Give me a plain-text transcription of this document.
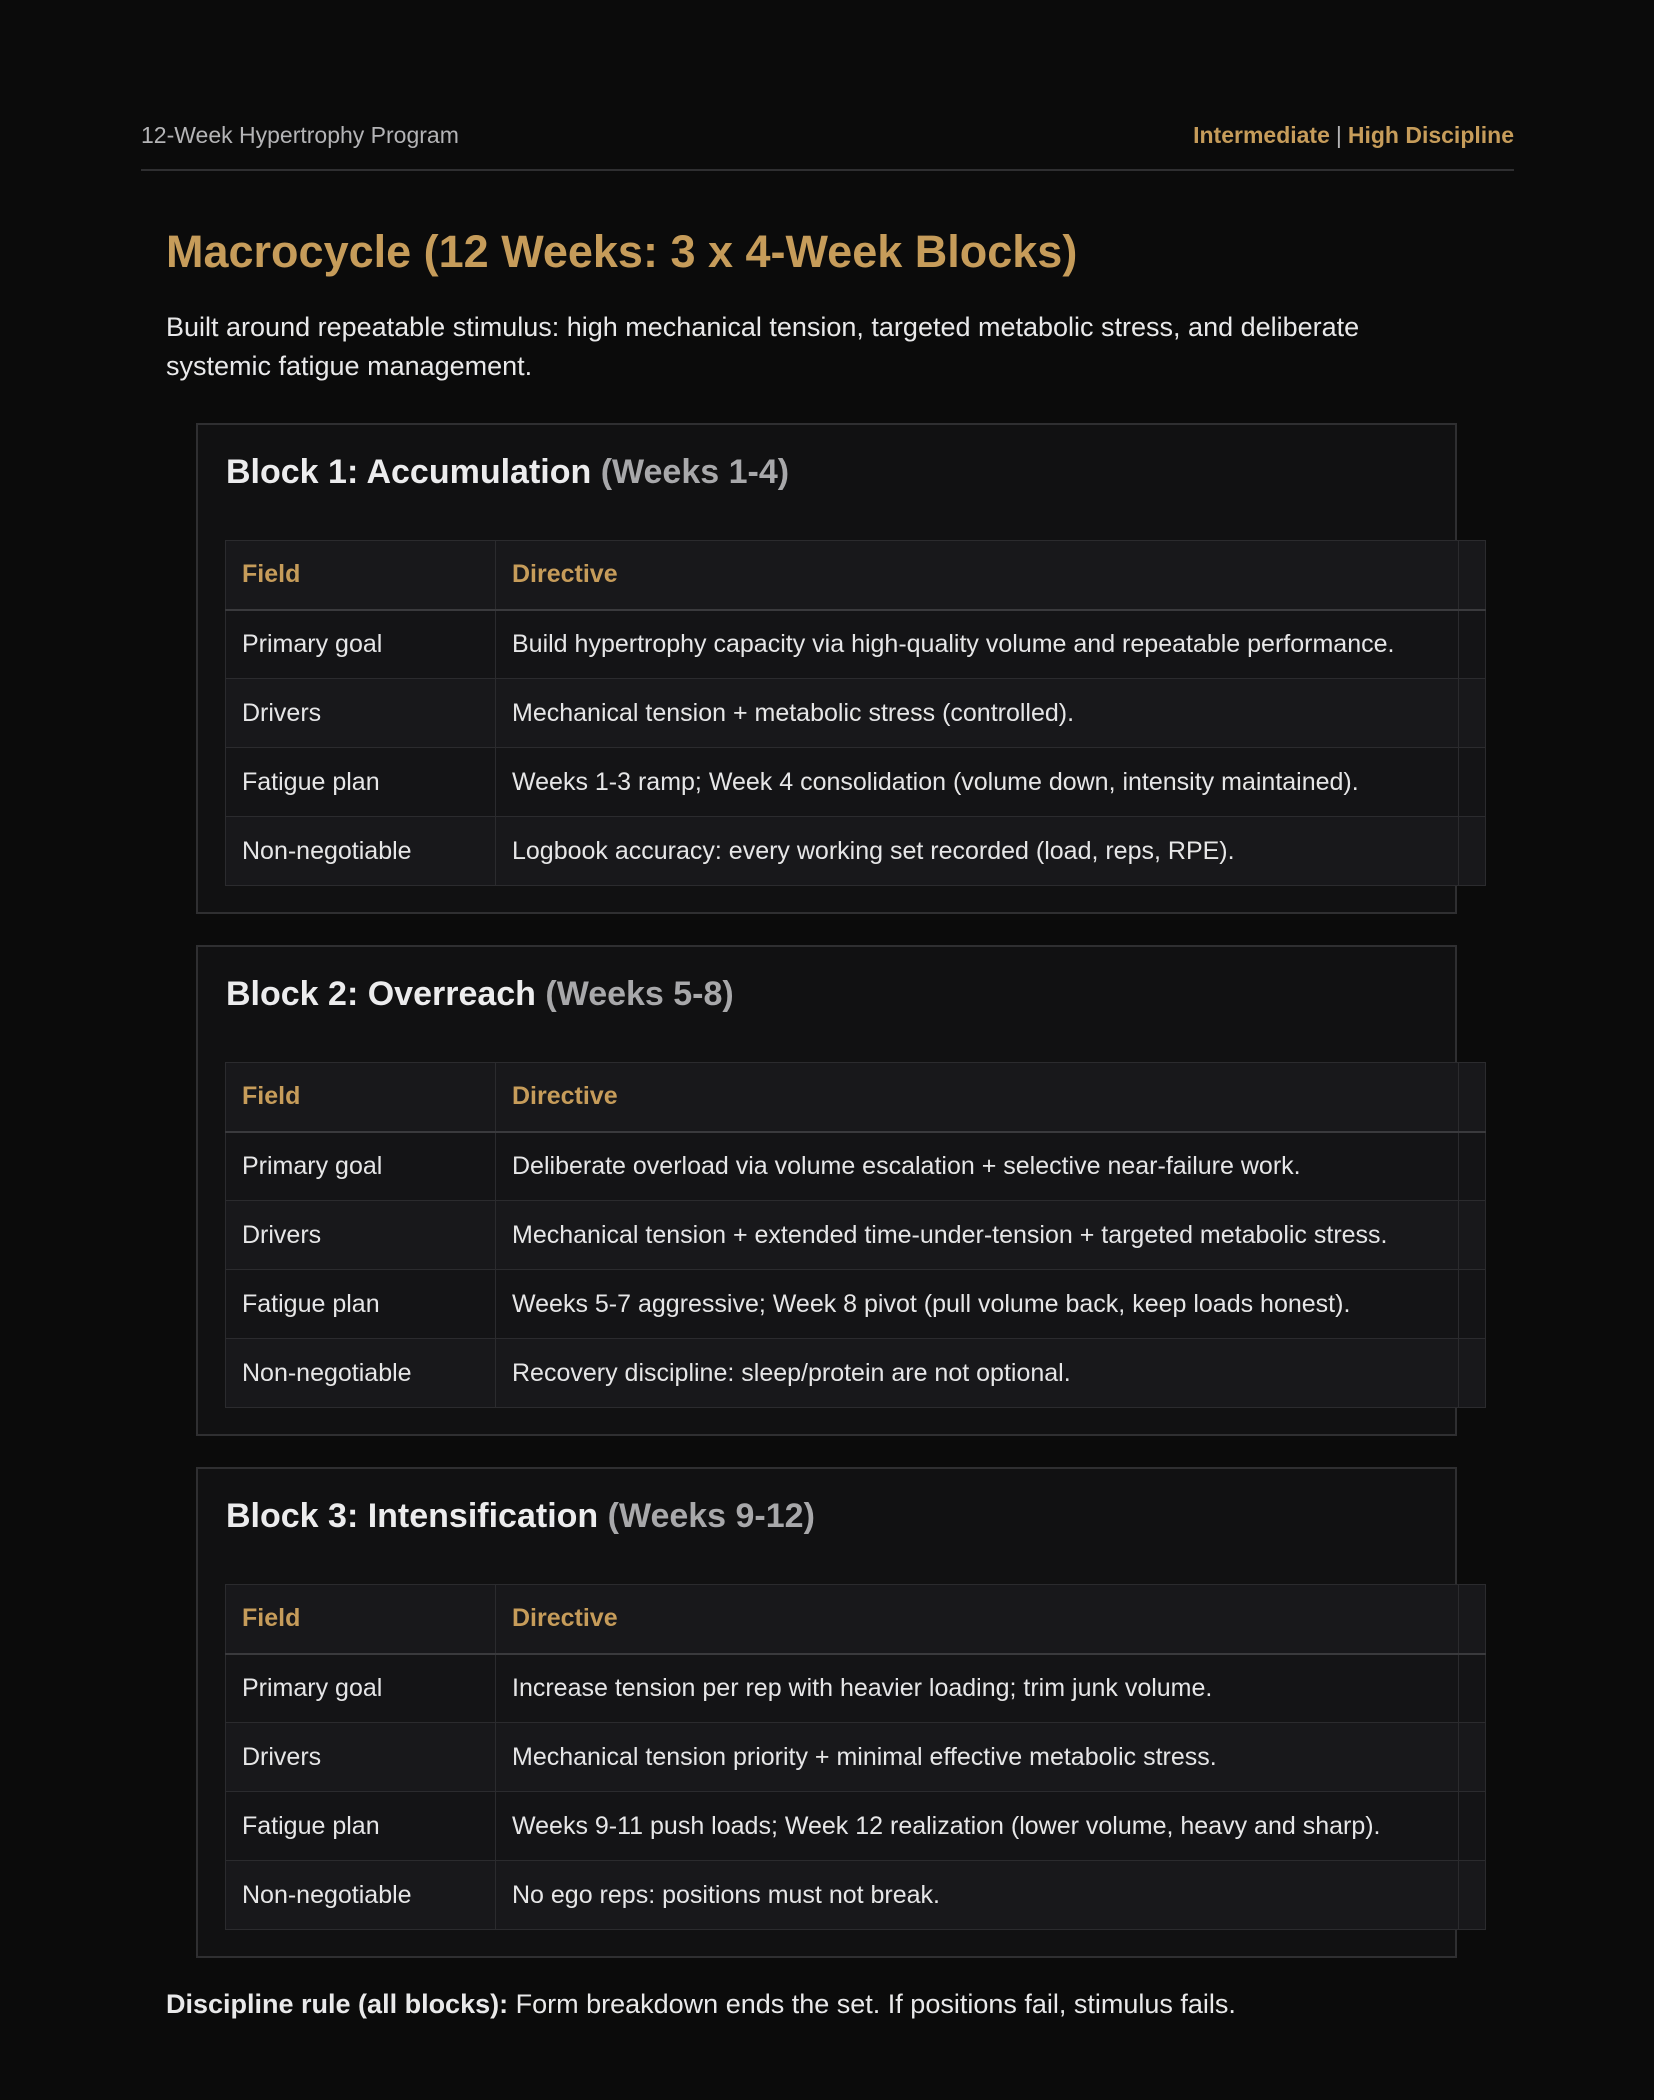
12-Week Hypertrophy Program	Intermediate | High Discipline
Macrocycle (12 Weeks: 3 x 4-Week Blocks)

Built around repeatable stimulus: high mechanical tension, targeted metabolic stress, and deliberate systemic fatigue management.

Block 1: Accumulation (Weeks 1-4)
Field	Directive	
Primary goal	Build hypertrophy capacity via high-quality volume and repeatable performance.	
Drivers	Mechanical tension + metabolic stress (controlled).	
Fatigue plan	Weeks 1-3 ramp; Week 4 consolidation (volume down, intensity maintained).	
Non-negotiable	Logbook accuracy: every working set recorded (load, reps, RPE).	
Block 2: Overreach (Weeks 5-8)
Field	Directive	
Primary goal	Deliberate overload via volume escalation + selective near-failure work.	
Drivers	Mechanical tension + extended time-under-tension + targeted metabolic stress.	
Fatigue plan	Weeks 5-7 aggressive; Week 8 pivot (pull volume back, keep loads honest).	
Non-negotiable	Recovery discipline: sleep/protein are not optional.	
Block 3: Intensification (Weeks 9-12)
Field	Directive	
Primary goal	Increase tension per rep with heavier loading; trim junk volume.	
Drivers	Mechanical tension priority + minimal effective metabolic stress.	
Fatigue plan	Weeks 9-11 push loads; Week 12 realization (lower volume, heavy and sharp).	
Non-negotiable	No ego reps: positions must not break.	

Discipline rule (all blocks): Form breakdown ends the set. If positions fail, stimulus fails.
